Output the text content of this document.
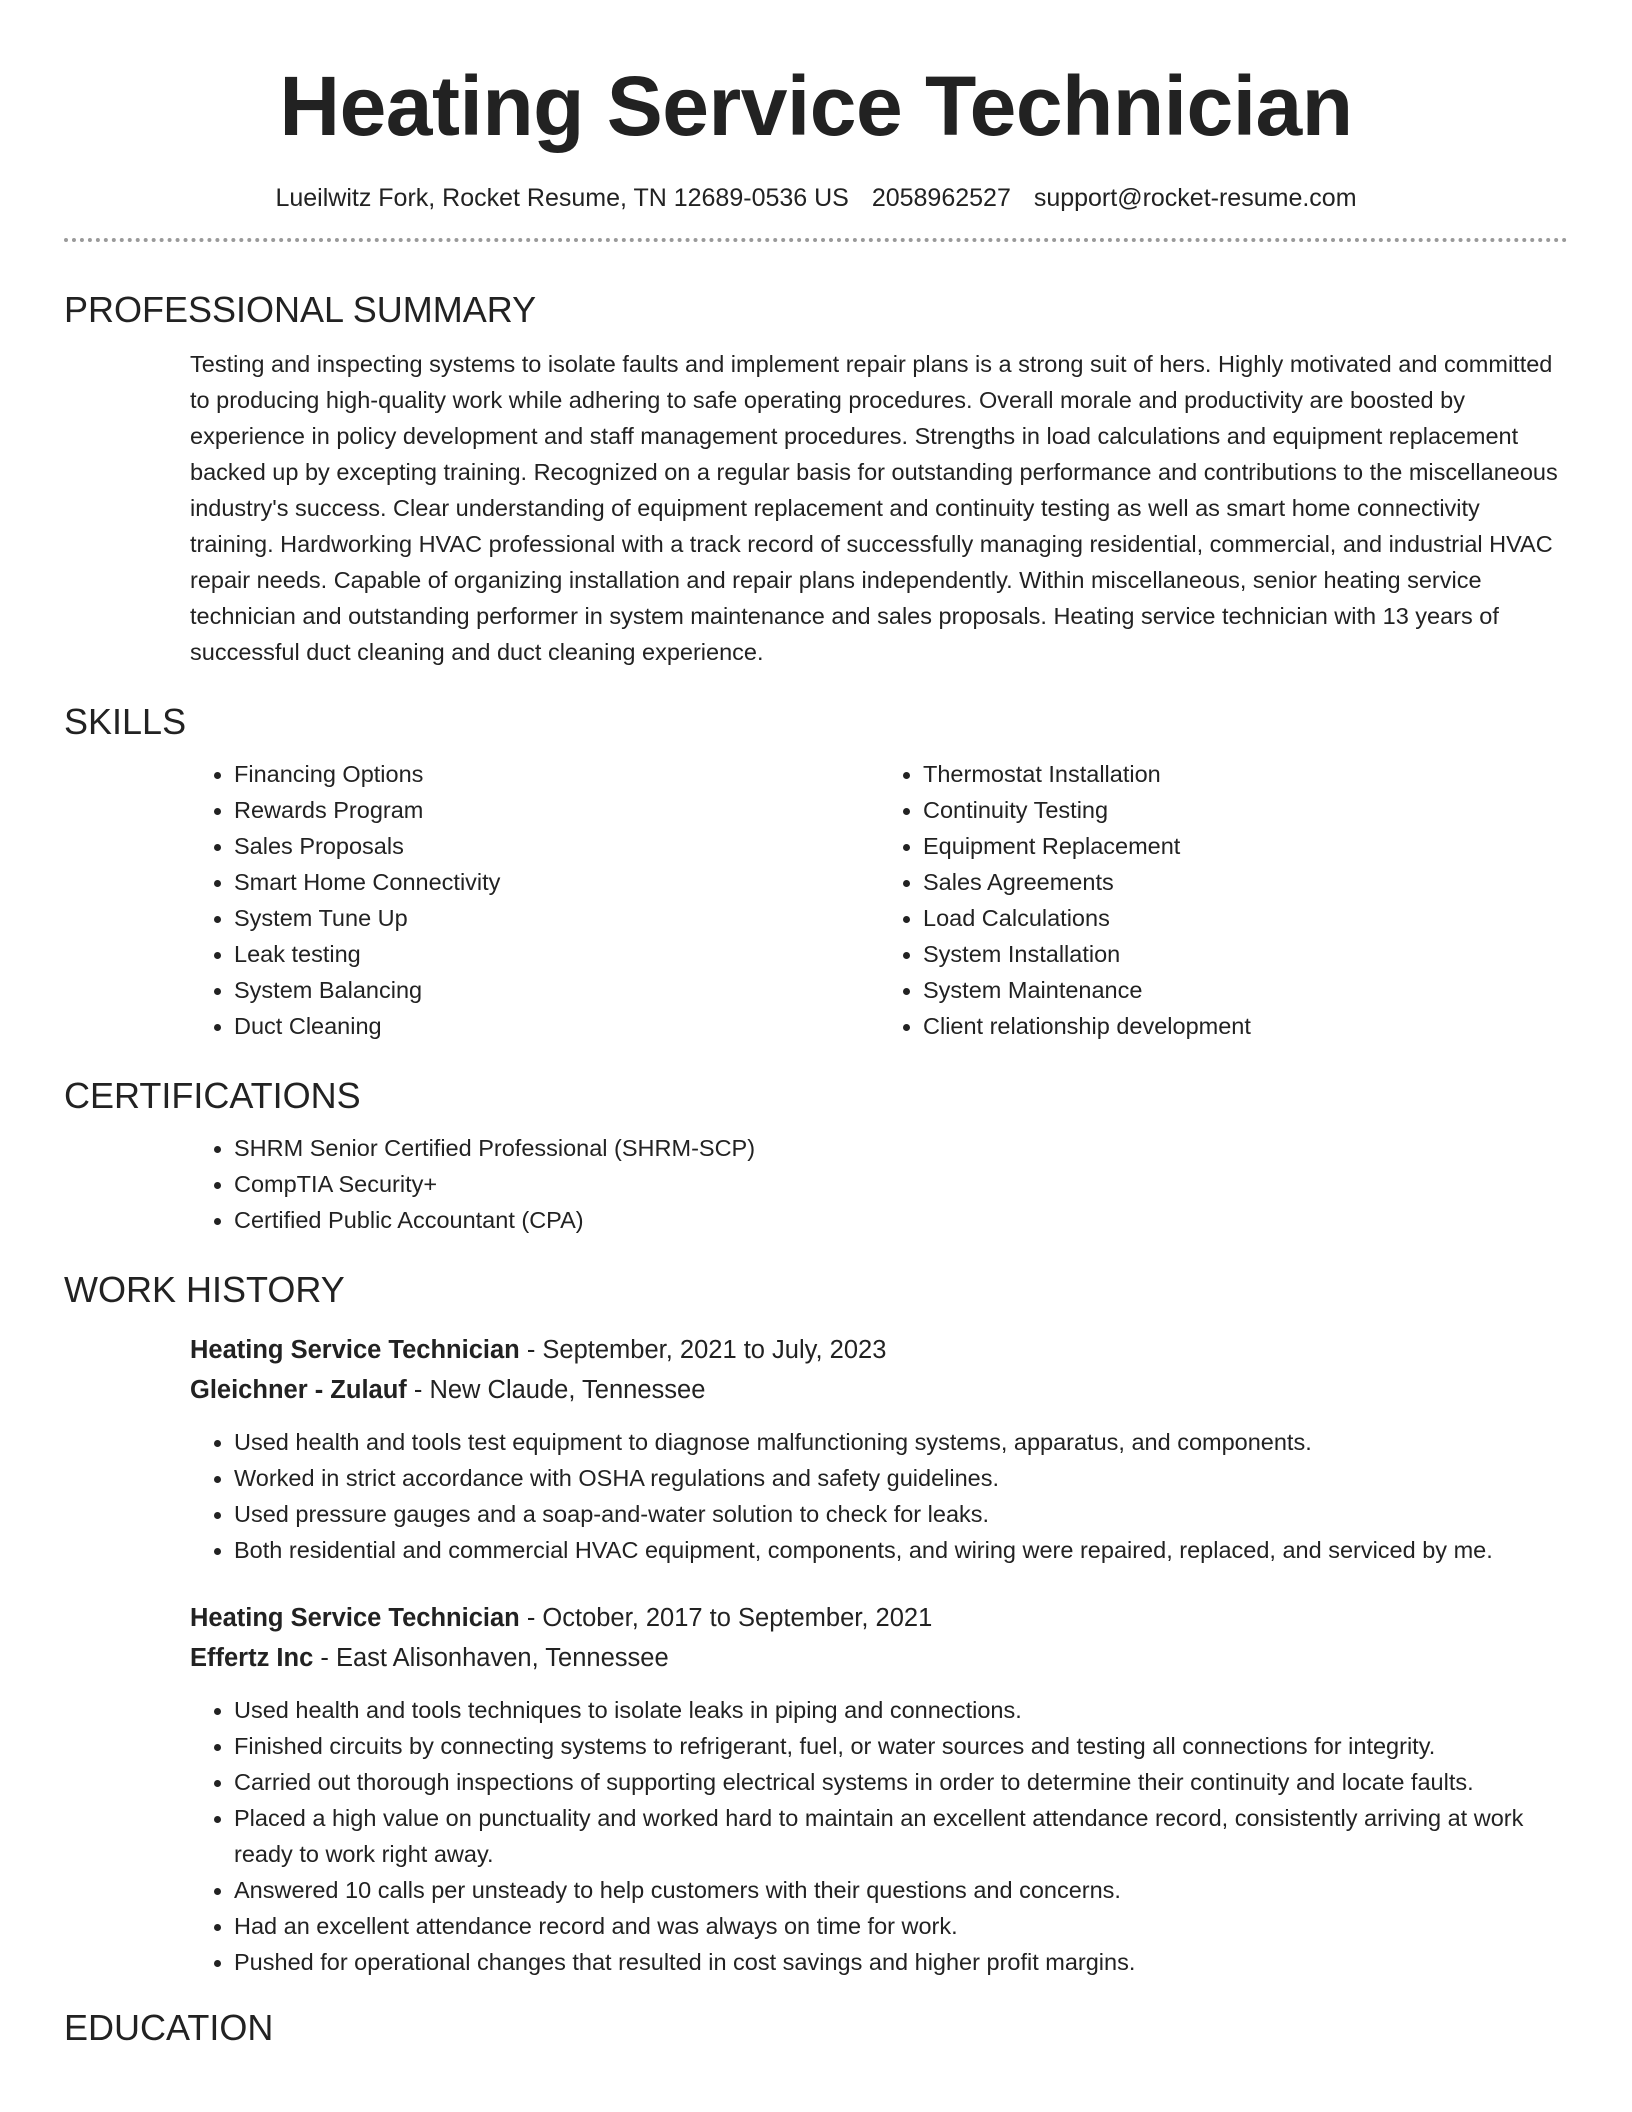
Heating Service Technician
Lueilwitz Fork, Rocket Resume, TN 12689-0536 US 2058962527 support@rocket-resume.com
PROFESSIONAL SUMMARY

Testing and inspecting systems to isolate faults and implement repair plans is a strong suit of hers. Highly motivated and committed to producing high-quality work while adhering to safe operating procedures. Overall morale and productivity are boosted by experience in policy development and staff management procedures. Strengths in load calculations and equipment replacement backed up by excepting training. Recognized on a regular basis for outstanding performance and contributions to the miscellaneous industry's success. Clear understanding of equipment replacement and continuity testing as well as smart home connectivity training. Hardworking HVAC professional with a track record of successfully managing residential, commercial, and industrial HVAC repair needs. Capable of organizing installation and repair plans independently. Within miscellaneous, senior heating service technician and outstanding performer in system maintenance and sales proposals. Heating service technician with 13 years of successful duct cleaning and duct cleaning experience.

SKILLS
• Financing Options
• Rewards Program
• Sales Proposals
• Smart Home Connectivity
• System Tune Up
• Leak testing
• System Balancing
• Duct Cleaning
• Thermostat Installation
• Continuity Testing
• Equipment Replacement
• Sales Agreements
• Load Calculations
• System Installation
• System Maintenance
• Client relationship development
CERTIFICATIONS
• SHRM Senior Certified Professional (SHRM-SCP)
• CompTIA Security+
• Certified Public Accountant (CPA)
WORK HISTORY
Heating Service Technician - September, 2021 to July, 2023
Gleichner - Zulauf - New Claude, Tennessee
• Used health and tools test equipment to diagnose malfunctioning systems, apparatus, and components.
• Worked in strict accordance with OSHA regulations and safety guidelines.
• Used pressure gauges and a soap-and-water solution to check for leaks.
• Both residential and commercial HVAC equipment, components, and wiring were repaired, replaced, and serviced by me.
Heating Service Technician - October, 2017 to September, 2021
Effertz Inc - East Alisonhaven, Tennessee
• Used health and tools techniques to isolate leaks in piping and connections.
• Finished circuits by connecting systems to refrigerant, fuel, or water sources and testing all connections for integrity.
• Carried out thorough inspections of supporting electrical systems in order to determine their continuity and locate faults.
• Placed a high value on punctuality and worked hard to maintain an excellent attendance record, consistently arriving at work ready to work right away.
• Answered 10 calls per unsteady to help customers with their questions and concerns.
• Had an excellent attendance record and was always on time for work.
• Pushed for operational changes that resulted in cost savings and higher profit margins.
EDUCATION
